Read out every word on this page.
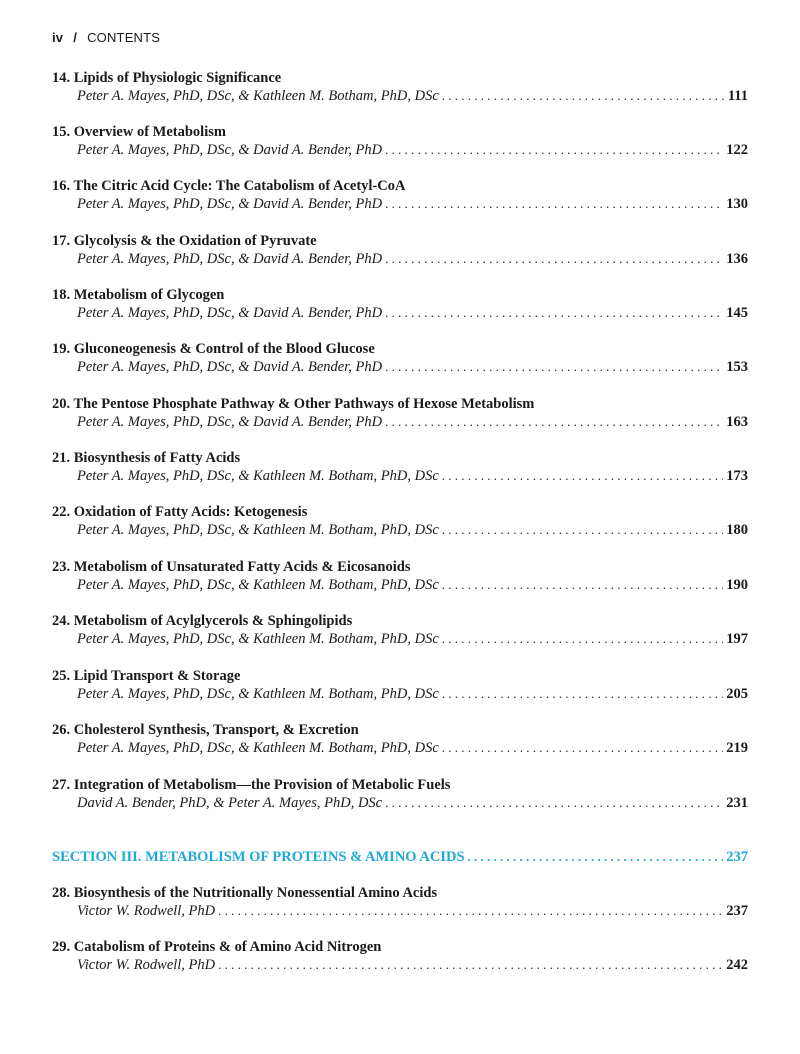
iv / CONTENTS
14. Lipids of Physiologic Significance
Peter A. Mayes, PhD, DSc, & Kathleen M. Botham, PhD, DSc . . .	111
15. Overview of Metabolism
Peter A. Mayes, PhD, DSc, & David A. Bender, PhD . . .	122
16. The Citric Acid Cycle: The Catabolism of Acetyl-CoA
Peter A. Mayes, PhD, DSc, & David A. Bender, PhD . . .	130
17. Glycolysis & the Oxidation of Pyruvate
Peter A. Mayes, PhD, DSc, & David A. Bender, PhD . . .	136
18. Metabolism of Glycogen
Peter A. Mayes, PhD, DSc, & David A. Bender, PhD . . .	145
19. Gluconeogenesis & Control of the Blood Glucose
Peter A. Mayes, PhD, DSc, & David A. Bender, PhD . . .	153
20. The Pentose Phosphate Pathway & Other Pathways of Hexose Metabolism
Peter A. Mayes, PhD, DSc, & David A. Bender, PhD . . .	163
21. Biosynthesis of Fatty Acids
Peter A. Mayes, PhD, DSc, & Kathleen M. Botham, PhD, DSc . . .	173
22. Oxidation of Fatty Acids: Ketogenesis
Peter A. Mayes, PhD, DSc, & Kathleen M. Botham, PhD, DSc . . .	180
23. Metabolism of Unsaturated Fatty Acids & Eicosanoids
Peter A. Mayes, PhD, DSc, & Kathleen M. Botham, PhD, DSc . . .	190
24. Metabolism of Acylglycerols & Sphingolipids
Peter A. Mayes, PhD, DSc, & Kathleen M. Botham, PhD, DSc . . .	197
25. Lipid Transport & Storage
Peter A. Mayes, PhD, DSc, & Kathleen M. Botham, PhD, DSc . . .	205
26. Cholesterol Synthesis, Transport, & Excretion
Peter A. Mayes, PhD, DSc, & Kathleen M. Botham, PhD, DSc . . .	219
27. Integration of Metabolism—the Provision of Metabolic Fuels
David A. Bender, PhD, & Peter A. Mayes, PhD, DSc . . .	231
SECTION III. METABOLISM OF PROTEINS & AMINO ACIDS . . .	237
28. Biosynthesis of the Nutritionally Nonessential Amino Acids
Victor W. Rodwell, PhD . . .	237
29. Catabolism of Proteins & of Amino Acid Nitrogen
Victor W. Rodwell, PhD . . .	242
